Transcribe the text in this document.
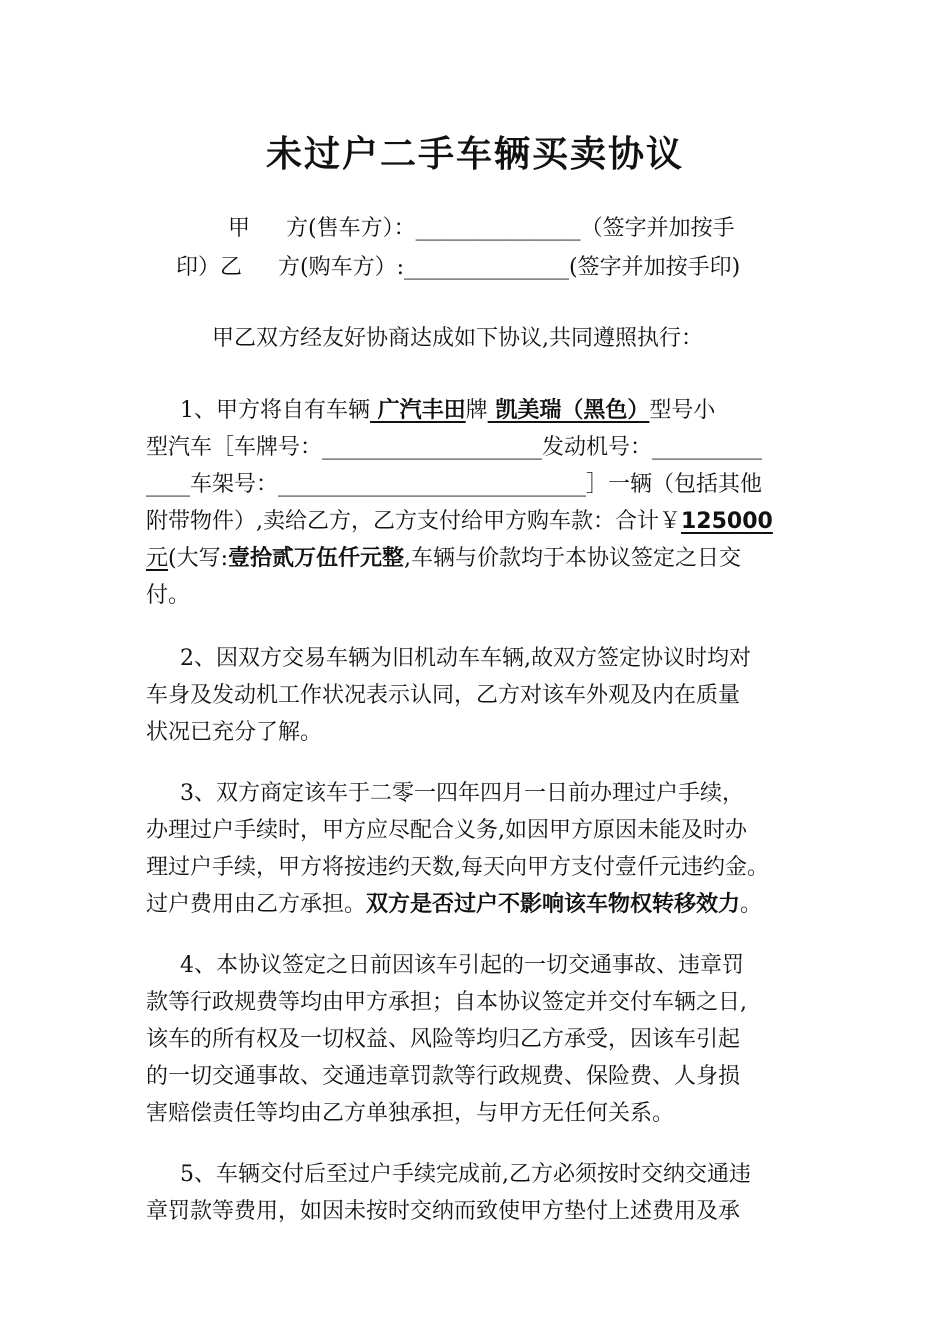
未过户二手车辆买卖协议
甲 方(售车方）：_______________（签字并加按手
印）乙 方(购车方）:_______________(签字并加按手印)
甲乙双方经友好协商达成如下协议,共同遵照执行：
1、甲方将自有车辆 广汽丰田牌 凯美瑞（黑色）型号小
型汽车［车牌号：____________________发动机号：__________
____车架号：____________________________］一辆（包括其他
附带物件）,卖给乙方，乙方支付给甲方购车款：合计￥125000
元(大写:壹拾贰万伍仟元整,车辆与价款均于本协议签定之日交
付。
2、因双方交易车辆为旧机动车车辆,故双方签定协议时均对
车身及发动机工作状况表示认同，乙方对该车外观及内在质量
状况已充分了解。
3、双方商定该车于二零一四年四月一日前办理过户手续，
办理过户手续时，甲方应尽配合义务,如因甲方原因未能及时办
理过户手续，甲方将按违约天数,每天向甲方支付壹仟元违约金。
过户费用由乙方承担。双方是否过户不影响该车物权转移效力。
4、本协议签定之日前因该车引起的一切交通事故、违章罚
款等行政规费等均由甲方承担；自本协议签定并交付车辆之日,
该车的所有权及一切权益、风险等均归乙方承受，因该车引起
的一切交通事故、交通违章罚款等行政规费、保险费、人身损
害赔偿责任等均由乙方单独承担，与甲方无任何关系。
5、车辆交付后至过户手续完成前,乙方必须按时交纳交通违
章罚款等费用，如因未按时交纳而致使甲方垫付上述费用及承
